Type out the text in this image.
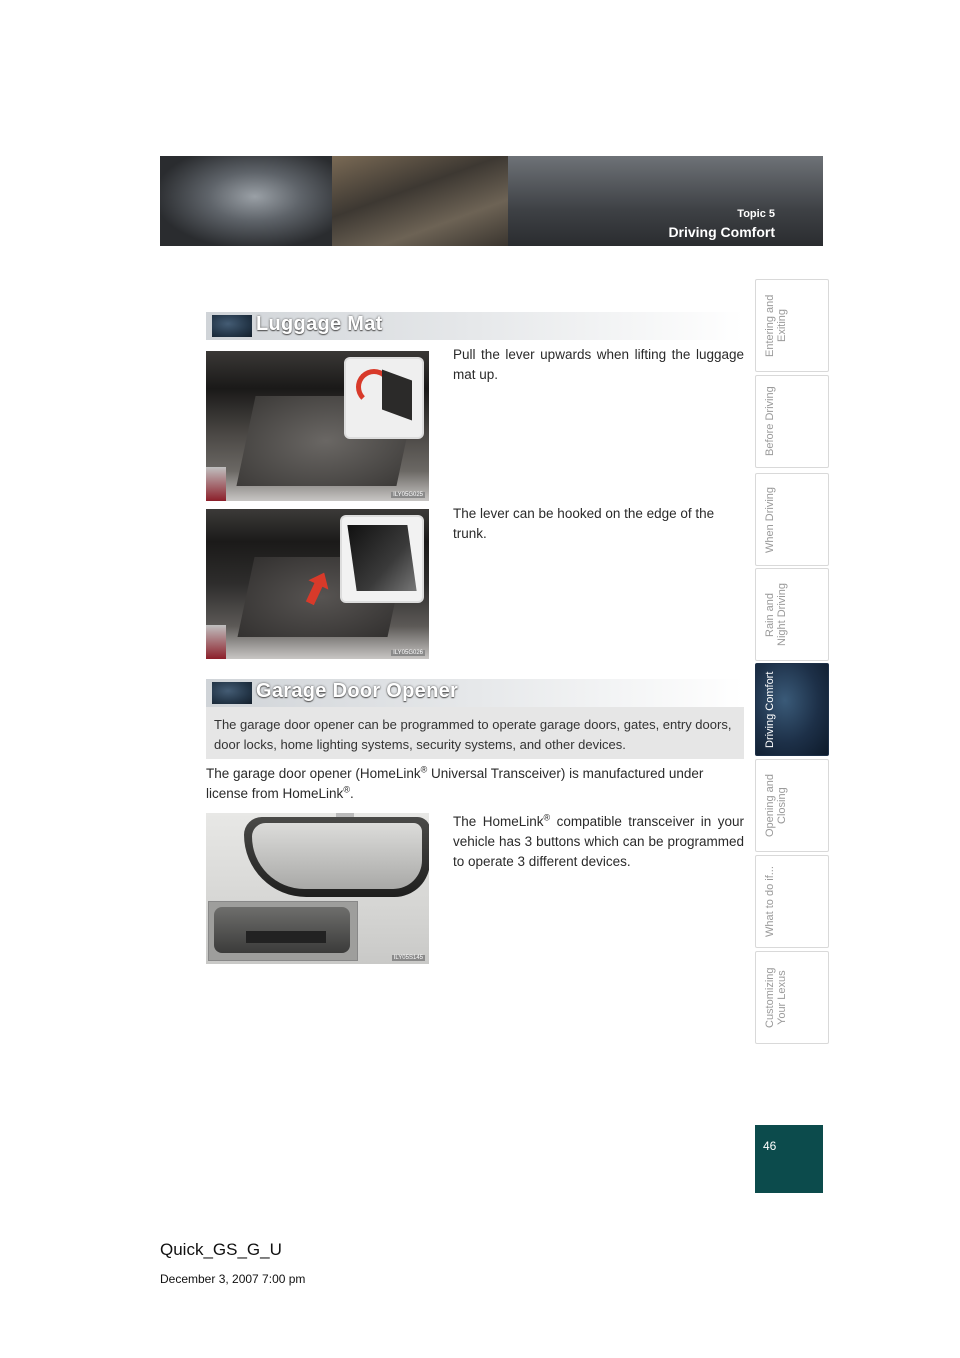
Topic 5
Driving Comfort
Entering and Exiting
Before Driving
When Driving
Rain and
Night Driving
Driving Comfort
Opening and Closing
What to do if...
Customizing
Your Lexus
46
Luggage Mat
ILY05G025

Pull the lever upwards when lifting the luggage mat up.

ILY05G026

The lever can be hooked on the edge of the trunk.

Garage Door Opener

The garage door opener can be programmed to operate garage doors, gates, entry doors, door locks, home lighting systems, security systems, and other devices.

The garage door opener (HomeLink® Universal Transceiver) is manufactured under license from HomeLink®.

ILY05S145

The HomeLink® compatible transceiver in your vehicle has 3 buttons which can be programmed to operate 3 different devices.

Quick_GS_G_U
December 3, 2007 7:00 pm
